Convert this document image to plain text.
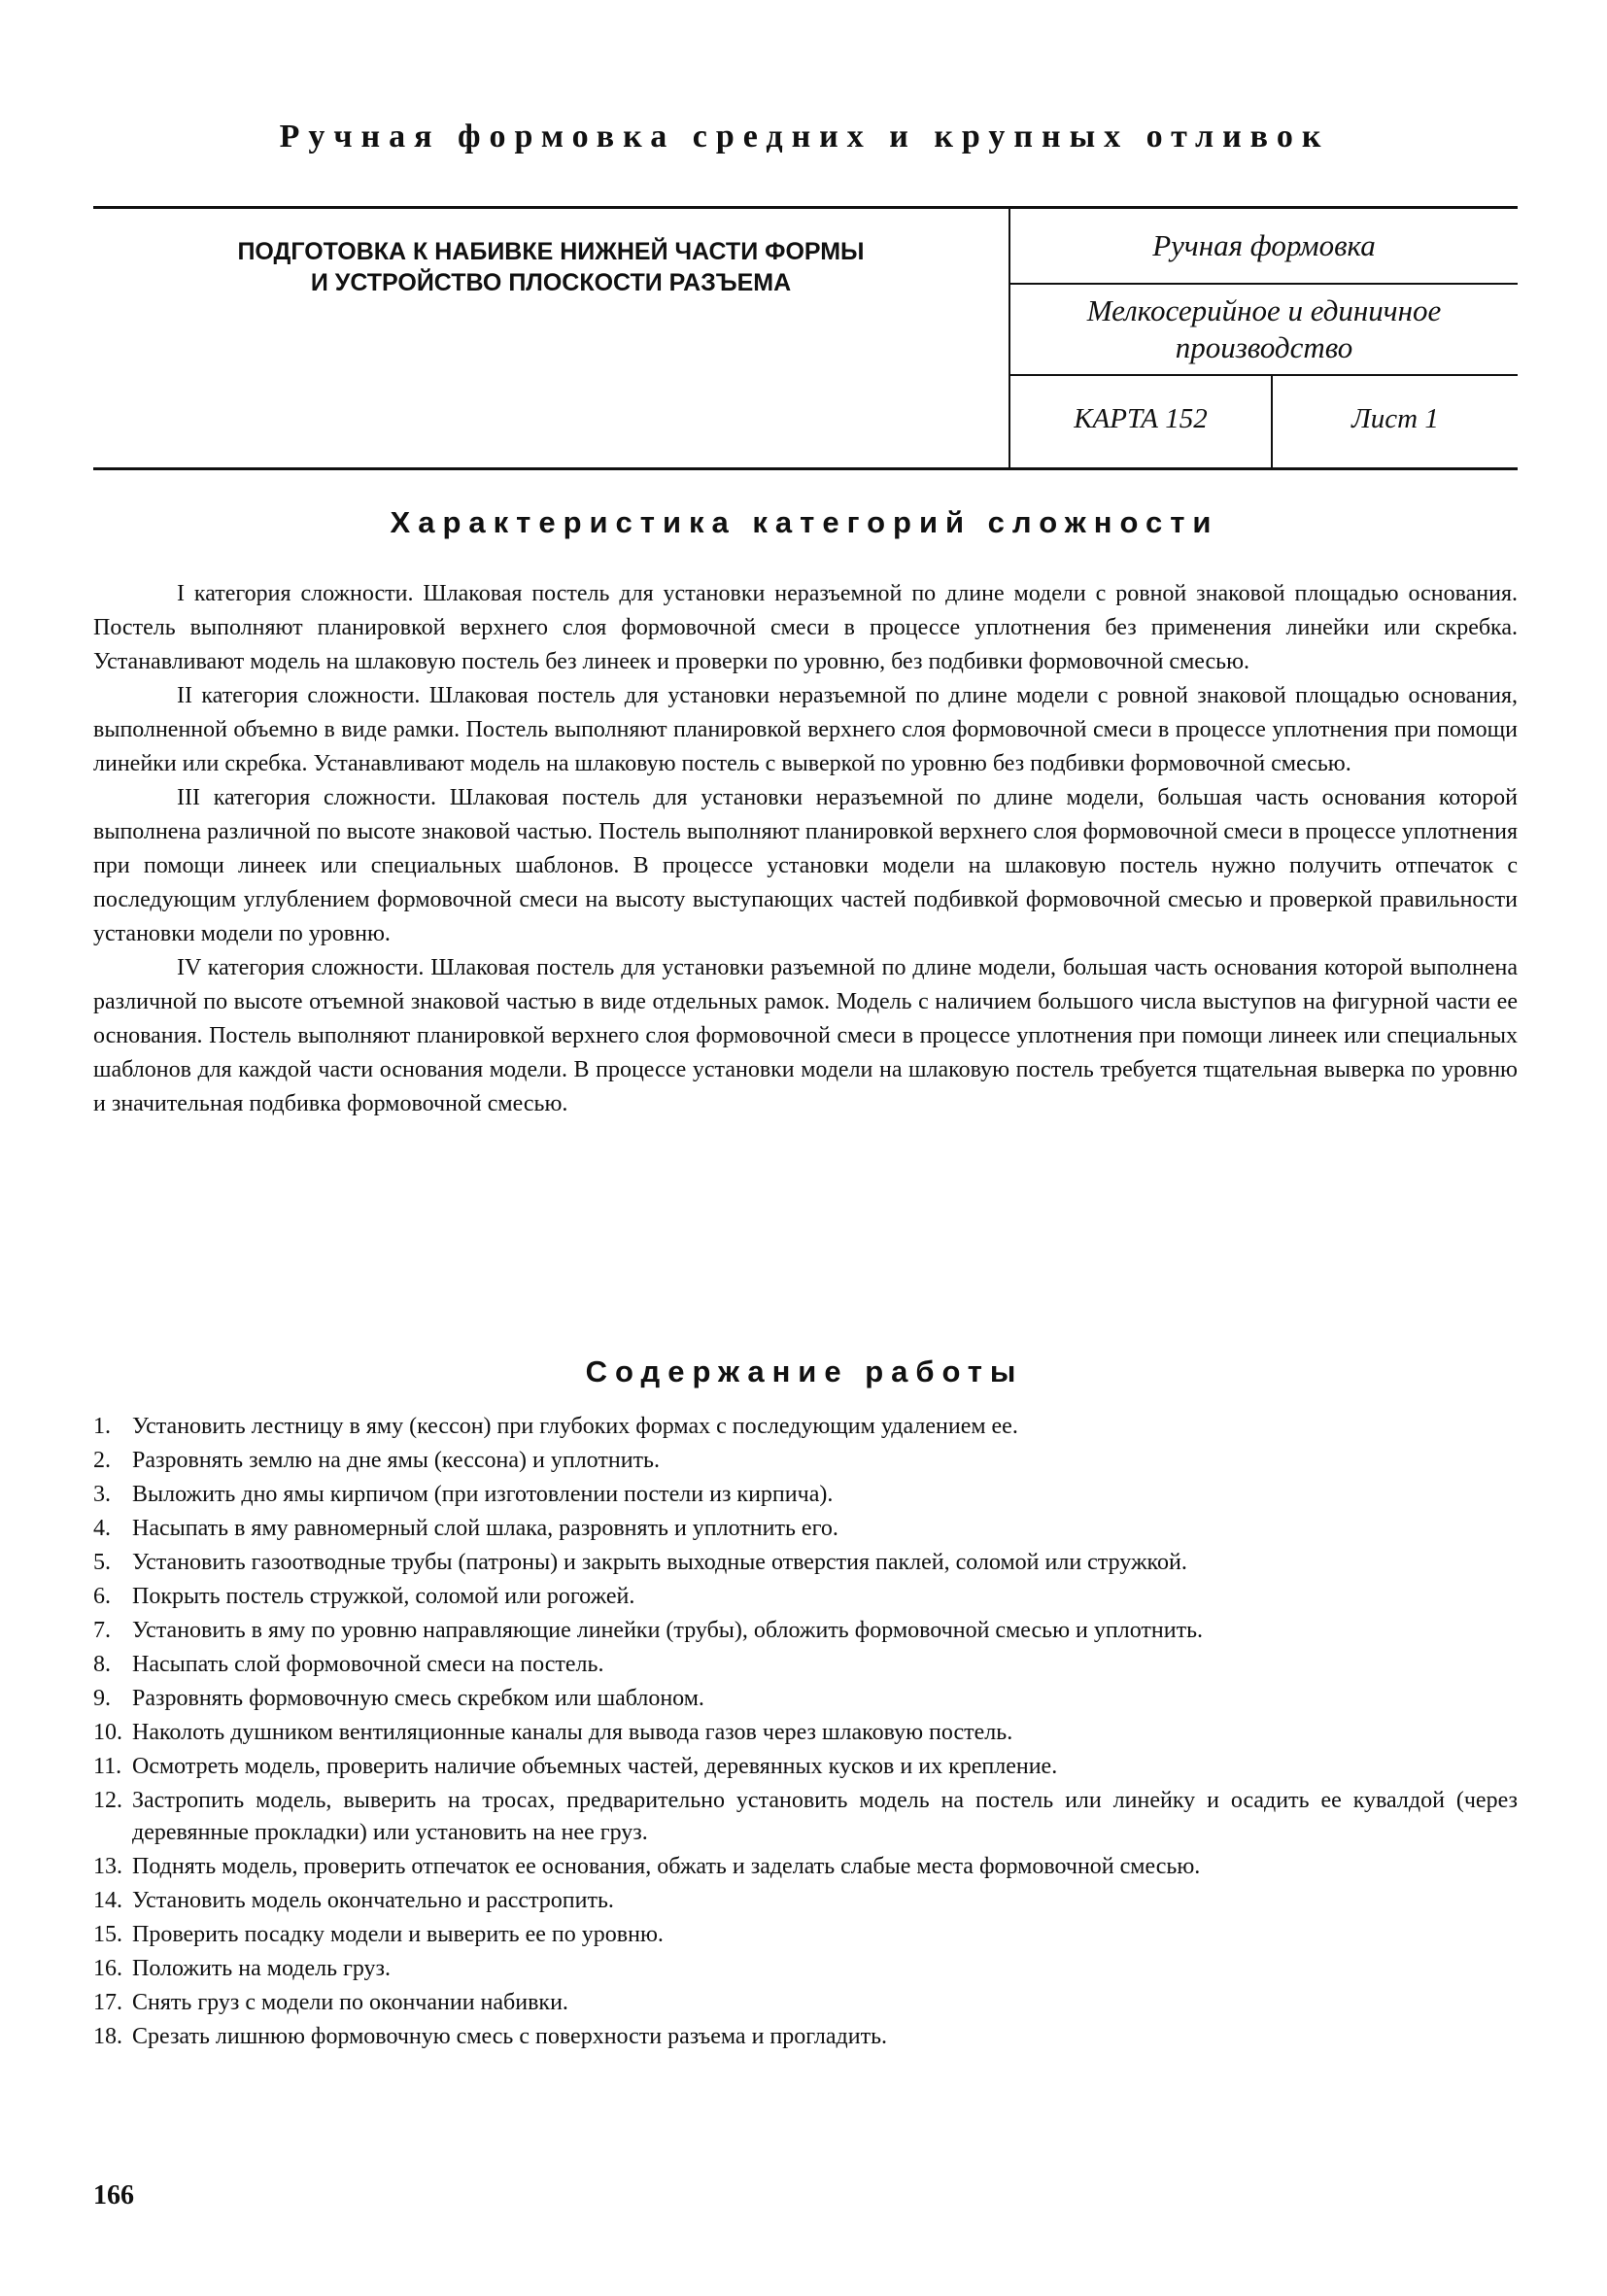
Ручная формовка средних и крупных отливок
ПОДГОТОВКА К НАБИВКЕ НИЖНЕЙ ЧАСТИ ФОРМЫ
И УСТРОЙСТВО ПЛОСКОСТИ РАЗЪЕМА
Ручная формовка
Мелкосерийное и единичное
производство
КАРТА 152	Лист 1
Характеристика категорий сложности

I категория сложности. Шлаковая постель для установки неразъемной по длине модели с ровной знаковой площадью основания. Постель выполняют планировкой верхнего слоя формовочной смеси в процессе уплотнения без применения линейки или скребка. Устанавливают модель на шлаковую постель без линеек и проверки по уровню, без подбивки формовочной смесью.

II категория сложности. Шлаковая постель для установки неразъемной по длине модели с ровной знаковой площадью основания, выполненной объемно в виде рамки. Постель выполняют планировкой верхнего слоя формовочной смеси в процессе уплотнения при помощи линейки или скребка. Устанавливают модель на шлаковую постель с выверкой по уровню без подбивки формовочной смесью.

III категория сложности. Шлаковая постель для установки неразъемной по длине модели, большая часть основания которой выполнена различной по высоте знаковой частью. Постель выполняют планировкой верхнего слоя формовочной смеси в процессе уплотнения при помощи линеек или специальных шаблонов. В процессе установки модели на шлаковую постель нужно получить отпечаток с последующим углублением формовочной смеси на высоту выступающих частей подбивкой формовочной смесью и проверкой правильности установки модели по уровню.

IV категория сложности. Шлаковая постель для установки разъемной по длине модели, большая часть основания которой выполнена различной по высоте отъемной знаковой частью в виде отдельных рамок. Модель с наличием большого числа выступов на фигурной части ее основания. Постель выполняют планировкой верхнего слоя формовочной смеси в процессе уплотнения при помощи линеек или специальных шаблонов для каждой части основания модели. В процессе установки модели на шлаковую постель требуется тщательная выверка по уровню и значительная подбивка формовочной смесью.

Содержание работы
1. Установить лестницу в яму (кессон) при глубоких формах с последующим удалением ее.
2. Разровнять землю на дне ямы (кессона) и уплотнить.
3. Выложить дно ямы кирпичом (при изготовлении постели из кирпича).
4. Насыпать в яму равномерный слой шлака, разровнять и уплотнить его.
5. Установить газоотводные трубы (патроны) и закрыть выходные отверстия паклей, соломой или стружкой.
6. Покрыть постель стружкой, соломой или рогожей.
7. Установить в яму по уровню направляющие линейки (трубы), обложить формовочной смесью и уплотнить.
8. Насыпать слой формовочной смеси на постель.
9. Разровнять формовочную смесь скребком или шаблоном.
10. Наколоть душником вентиляционные каналы для вывода газов через шлаковую постель.
11. Осмотреть модель, проверить наличие объемных частей, деревянных кусков и их крепление.
12. Застропить модель, выверить на тросах, предварительно установить модель на постель или линейку и осадить ее кувалдой (через деревянные прокладки) или установить на нее груз.
13. Поднять модель, проверить отпечаток ее основания, обжать и заделать слабые места формовочной смесью.
14. Установить модель окончательно и расстропить.
15. Проверить посадку модели и выверить ее по уровню.
16. Положить на модель груз.
17. Снять груз с модели по окончании набивки.
18. Срезать лишнюю формовочную смесь с поверхности разъема и прогладить.
166
